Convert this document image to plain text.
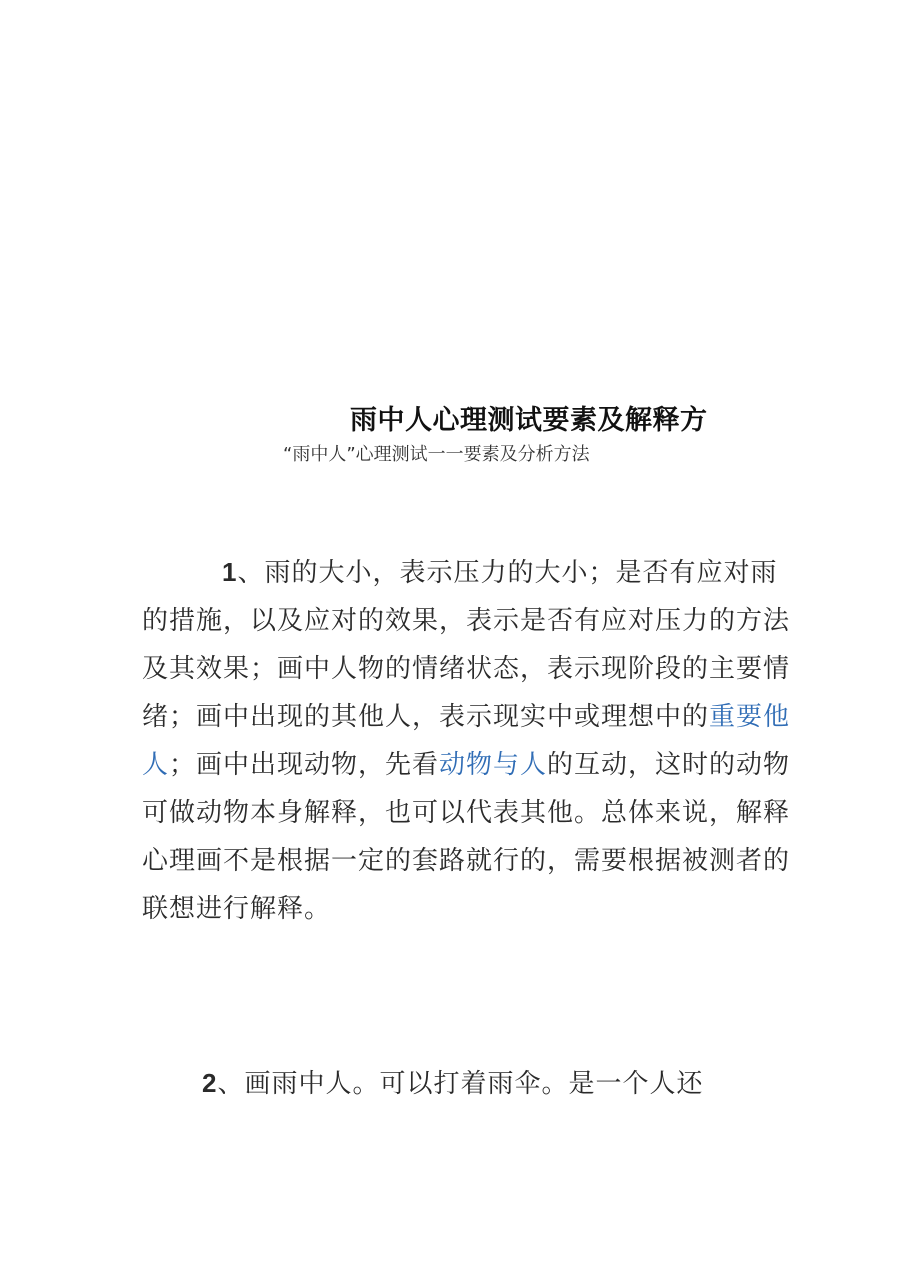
雨中人心理测试要素及解释方
“雨中人”心理测试一一要素及分析方法
1、雨的大小，表示压力的大小；是否有应对雨的措施，以及应对的效果，表示是否有应对压力的方法及其效果；画中人物的情绪状态，表示现阶段的主要情绪；画中出现的其他人，表示现实中或理想中的重要他人；画中出现动物，先看动物与人的互动，这时的动物可做动物本身解释，也可以代表其他。总体来说，解释心理画不是根据一定的套路就行的，需要根据被测者的联想进行解释。
2、画雨中人。可以打着雨伞。是一个人还
